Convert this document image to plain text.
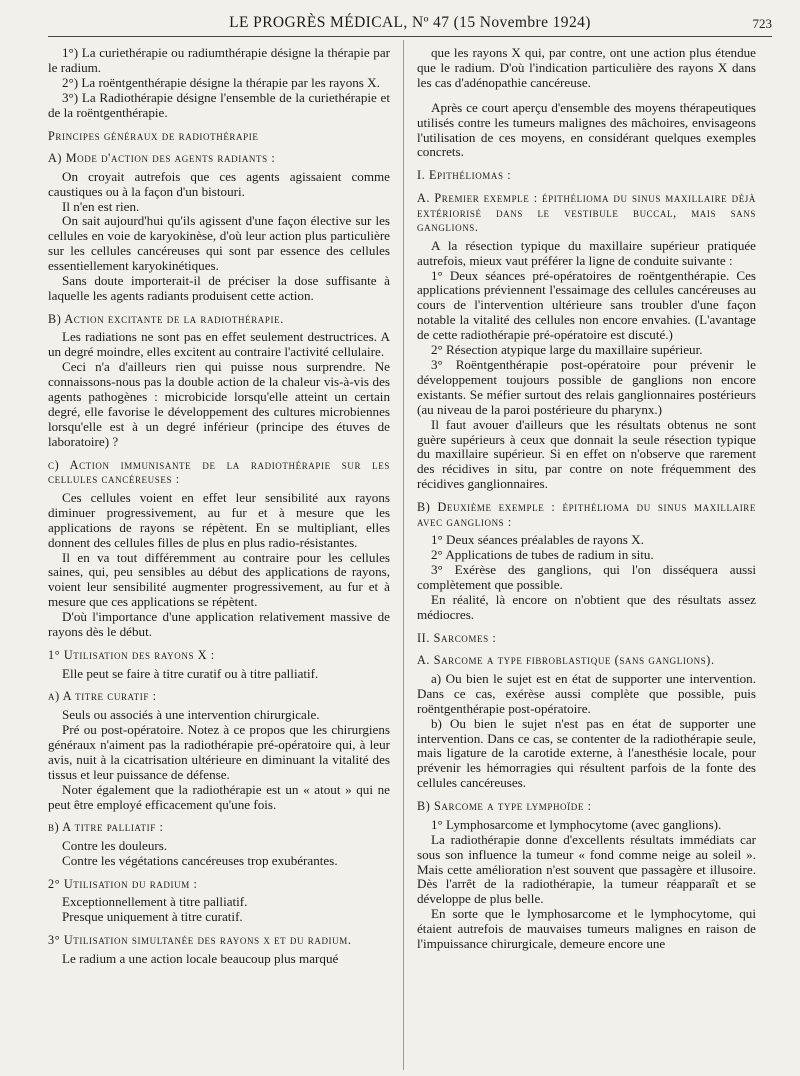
LE PROGRÈS MÉDICAL, Nº 47 (15 Novembre 1924)	723

1°) La curiethérapie ou radiumthérapie désigne la thérapie par le radium.

2°) La roëntgenthérapie désigne la thérapie par les rayons X.

3°) La Radiothérapie désigne l'ensemble de la curiethérapie et de la roëntgenthérapie.

Principes généraux de radiothérapie

A) Mode d'action des agents radiants :

On croyait autrefois que ces agents agissaient comme caustiques ou à la façon d'un bistouri.

Il n'en est rien.

On sait aujourd'hui qu'ils agissent d'une façon élective sur les cellules en voie de karyokinèse, d'où leur action plus particulière sur les cellules cancéreuses qui sont par essence des cellules essentiellement karyokinétiques.

Sans doute importerait-il de préciser la dose suffisante à laquelle les agents radiants produisent cette action.

B) Action excitante de la radiothérapie.

Les radiations ne sont pas en effet seulement destructrices. A un degré moindre, elles excitent au contraire l'activité cellulaire.

Ceci n'a d'ailleurs rien qui puisse nous surprendre. Ne connaissons-nous pas la double action de la chaleur vis-à-vis des agents pathogènes : microbicide lorsqu'elle atteint un certain degré, elle favorise le développement des cultures microbiennes lorsqu'elle est à un degré inférieur (principe des étuves de laboratoire) ?

c) Action immunisante de la radiothérapie sur les cellules cancéreuses :

Ces cellules voient en effet leur sensibilité aux rayons diminuer progressivement, au fur et à mesure que les applications de rayons se répètent. En se multipliant, elles donnent des cellules filles de plus en plus radio-résistantes.

Il en va tout différemment au contraire pour les cellules saines, qui, peu sensibles au début des applications de rayons, voient leur sensibilité augmenter progressivement, au fur et à mesure que ces applications se répètent.

D'où l'importance d'une application relativement massive de rayons dès le début.

1° Utilisation des rayons X :

Elle peut se faire à titre curatif ou à titre palliatif.

a) A titre curatif :

Seuls ou associés à une intervention chirurgicale.

Pré ou post-opératoire. Notez à ce propos que les chirurgiens généraux n'aiment pas la radiothérapie pré-opératoire qui, à leur avis, nuit à la cicatrisation ultérieure en diminuant la vitalité des tissus et leur puissance de défense.

Noter également que la radiothérapie est un « atout » qui ne peut être employé efficacement qu'une fois.

b) A titre palliatif :

Contre les douleurs.

Contre les végétations cancéreuses trop exubérantes.

2° Utilisation du radium :

Exceptionnellement à titre palliatif.

Presque uniquement à titre curatif.

3° Utilisation simultanée des rayons x et du radium.

Le radium a une action locale beaucoup plus marqué

que les rayons X qui, par contre, ont une action plus étendue que le radium. D'où l'indication particulière des rayons X dans les cas d'adénopathie cancéreuse.

Après ce court aperçu d'ensemble des moyens thérapeutiques utilisés contre les tumeurs malignes des mâchoires, envisageons l'utilisation de ces moyens, en considérant quelques exemples concrets.

I. Epithéliomas :

A. Premier exemple : épithélioma du sinus maxillaire déjà extériorisé dans le vestibule buccal, mais sans ganglions.

A la résection typique du maxillaire supérieur pratiquée autrefois, mieux vaut préférer la ligne de conduite suivante :

1° Deux séances pré-opératoires de roëntgenthérapie. Ces applications préviennent l'essaimage des cellules cancéreuses au cours de l'intervention ultérieure sans troubler d'une façon notable la vitalité des cellules non encore envahies. (L'avantage de cette radiothérapie pré-opératoire est discuté.)

2° Résection atypique large du maxillaire supérieur.

3° Roëntgenthérapie post-opératoire pour prévenir le développement toujours possible de ganglions non encore existants. Se méfier surtout des relais ganglionnaires postérieurs (au niveau de la paroi postérieure du pharynx.)

Il faut avouer d'ailleurs que les résultats obtenus ne sont guère supérieurs à ceux que donnait la seule résection typique du maxillaire supérieur. Si en effet on n'observe que rarement des récidives in situ, par contre on note fréquemment des récidives ganglionnaires.

B) Deuxième exemple : épithélioma du sinus maxillaire avec ganglions :

1° Deux séances préalables de rayons X.

2° Applications de tubes de radium in situ.

3° Exérèse des ganglions, qui l'on disséquera aussi complètement que possible.

En réalité, là encore on n'obtient que des résultats assez médiocres.

II. Sarcomes :

A. Sarcome a type fibroblastique (sans ganglions).

a) Ou bien le sujet est en état de supporter une intervention. Dans ce cas, exérèse aussi complète que possible, puis roëntgenthérapie post-opératoire.

b) Ou bien le sujet n'est pas en état de supporter une intervention. Dans ce cas, se contenter de la radiothérapie seule, mais ligature de la carotide externe, à l'anesthésie locale, pour prévenir les hémorragies qui résultent parfois de la fonte des cellules cancéreuses.

B) Sarcome a type lymphoïde :

1° Lymphosarcome et lymphocytome (avec ganglions).

La radiothérapie donne d'excellents résultats immédiats car sous son influence la tumeur « fond comme neige au soleil ». Mais cette amélioration n'est souvent que passagère et illusoire. Dès l'arrêt de la radiothérapie, la tumeur réapparaît et se développe de plus belle.

En sorte que le lymphosarcome et le lymphocytome, qui étaient autrefois de mauvaises tumeurs malignes en raison de l'impuissance chirurgicale, demeure encore une
